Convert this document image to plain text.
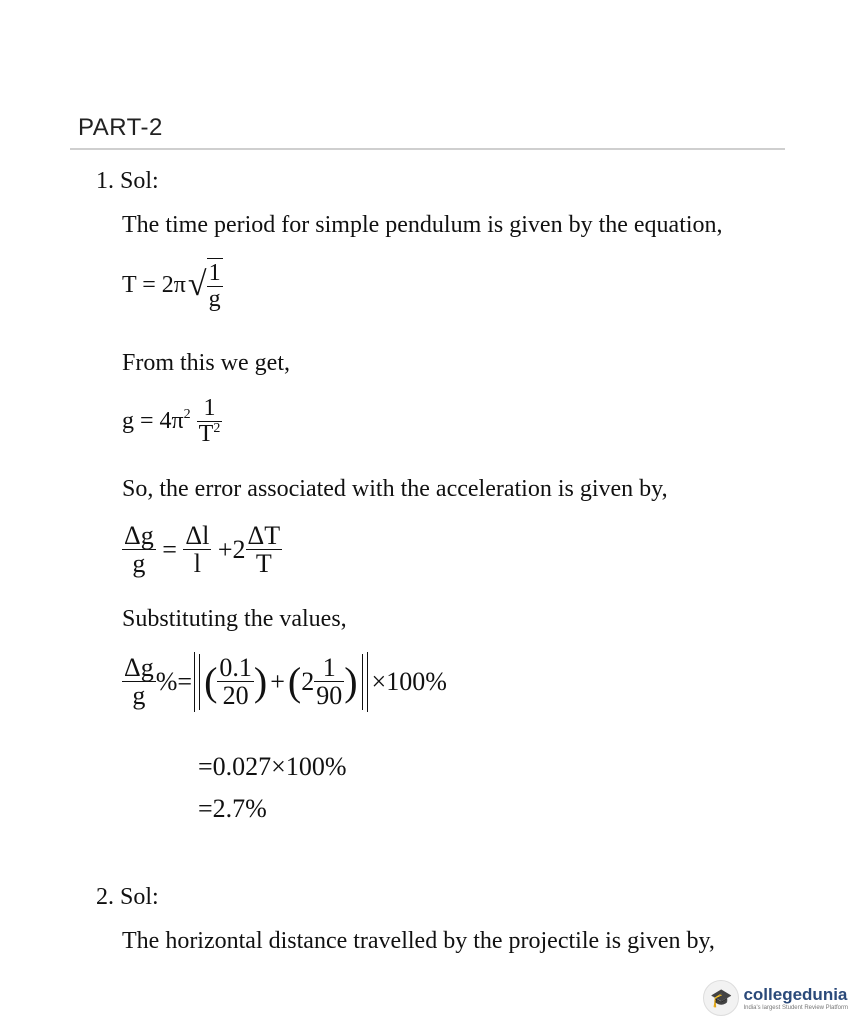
PART-2
1. Sol:
The time period for simple pendulum is given by the equation,
$T = 2\pi√ \frac{1}{g}$
From this we get,
$g = 4\pi^2 \frac{1}{T^2}$
So, the error associated with the acceleration is given by,
$\frac{\Delta g}{g} = \frac{\Delta l}{l} +2 \frac{\Delta T}{T}$
Substituting the values,
$\frac{\Delta g}{g}$ %= ( $\frac{0.1}{20}$ ) + ( $2 \frac{1}{90}$ ) ×100%
=0.027×100%
=2.7%
2. Sol:
The horizontal distance travelled by the projectile is given by,
🎓 collegedunia
India's largest Student Review Platform
